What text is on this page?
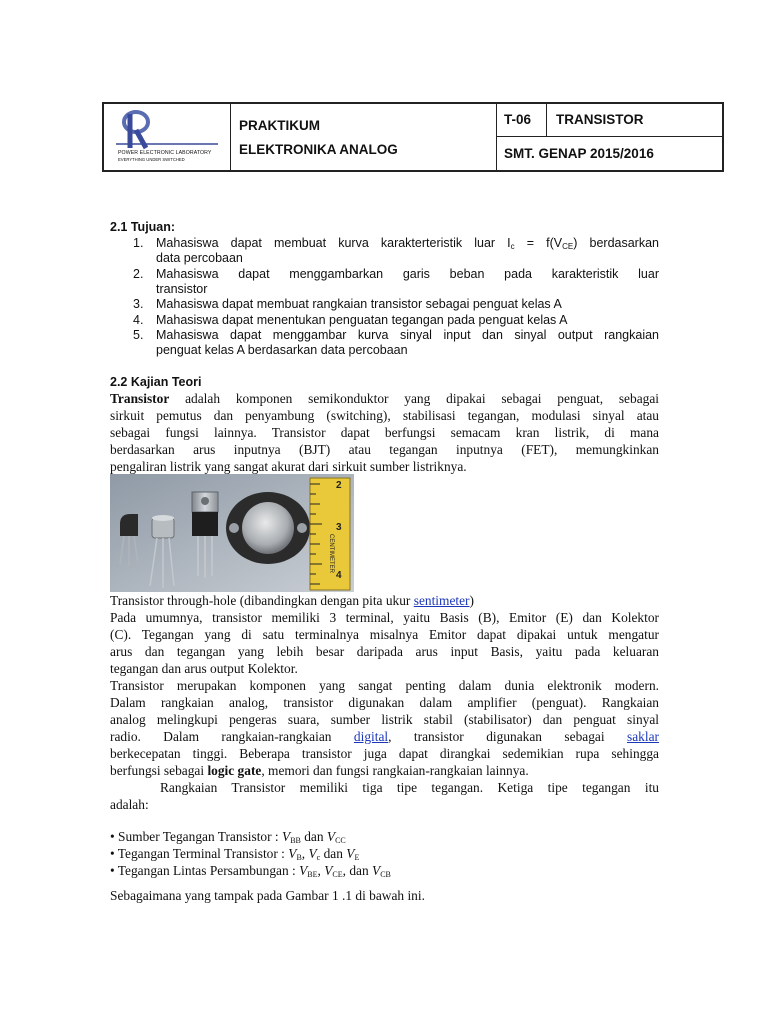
POWER ELECTRONIC LABORATORY
EVERYTHING UNDER SWITCHED
PRAKTIKUM
ELEKTRONIKA ANALOG
T-06 TRANSISTOR
SMT. GENAP 2015/2016
2.1 Tujuan:
1. Mahasiswa dapat membuat kurva karakterteristik luar $I_c = f(V_{CE})$ berdasarkan
data percobaan
2. Mahasiswa dapat menggambarkan garis beban pada karakteristik luar
transistor
3. Mahasiswa dapat membuat rangkaian transistor sebagai penguat kelas A
4. Mahasiswa dapat menentukan penguatan tegangan pada penguat kelas A
5. Mahasiswa dapat menggambar kurva sinyal input dan sinyal output rangkaian
penguat kelas A berdasarkan data percobaan
2.2 Kajian Teori
Transistor adalah komponen semikonduktor yang dipakai sebagai penguat, sebagai
sirkuit pemutus dan penyambung (switching), stabilisasi tegangan, modulasi sinyal atau
sebagai fungsi lainnya. Transistor dapat berfungsi semacam kran listrik, di mana
berdasarkan arus inputnya (BJT) atau tegangan inputnya (FET), memungkinkan
pengaliran listrik yang sangat akurat dari sirkuit sumber listriknya.
2
3
4
CENTIMETER
Transistor through-hole (dibandingkan dengan pita ukur sentimeter)
Pada umumnya, transistor memiliki 3 terminal, yaitu Basis (B), Emitor (E) dan Kolektor
(C). Tegangan yang di satu terminalnya misalnya Emitor dapat dipakai untuk mengatur
arus dan tegangan yang lebih besar daripada arus input Basis, yaitu pada keluaran
tegangan dan arus output Kolektor.
Transistor merupakan komponen yang sangat penting dalam dunia elektronik modern.
Dalam rangkaian analog, transistor digunakan dalam amplifier (penguat). Rangkaian
analog melingkupi pengeras suara, sumber listrik stabil (stabilisator) dan penguat sinyal
radio. Dalam rangkaian-rangkaian digital, transistor digunakan sebagai saklar
berkecepatan tinggi. Beberapa transistor juga dapat dirangkai sedemikian rupa sehingga
berfungsi sebagai logic gate, memori dan fungsi rangkaian-rangkaian lainnya.
Rangkaian Transistor memiliki tiga tipe tegangan. Ketiga tipe tegangan itu
adalah:
• Sumber Tegangan Transistor : $V_{BB}$ dan $V_{CC}$
• Tegangan Terminal Transistor : $V_B$, $V_c$ dan $V_E$
• Tegangan Lintas Persambungan : $V_{BE}$, $V_{CE}$, dan $V_{CB}$
Sebagaimana yang tampak pada Gambar 1 .1 di bawah ini.
